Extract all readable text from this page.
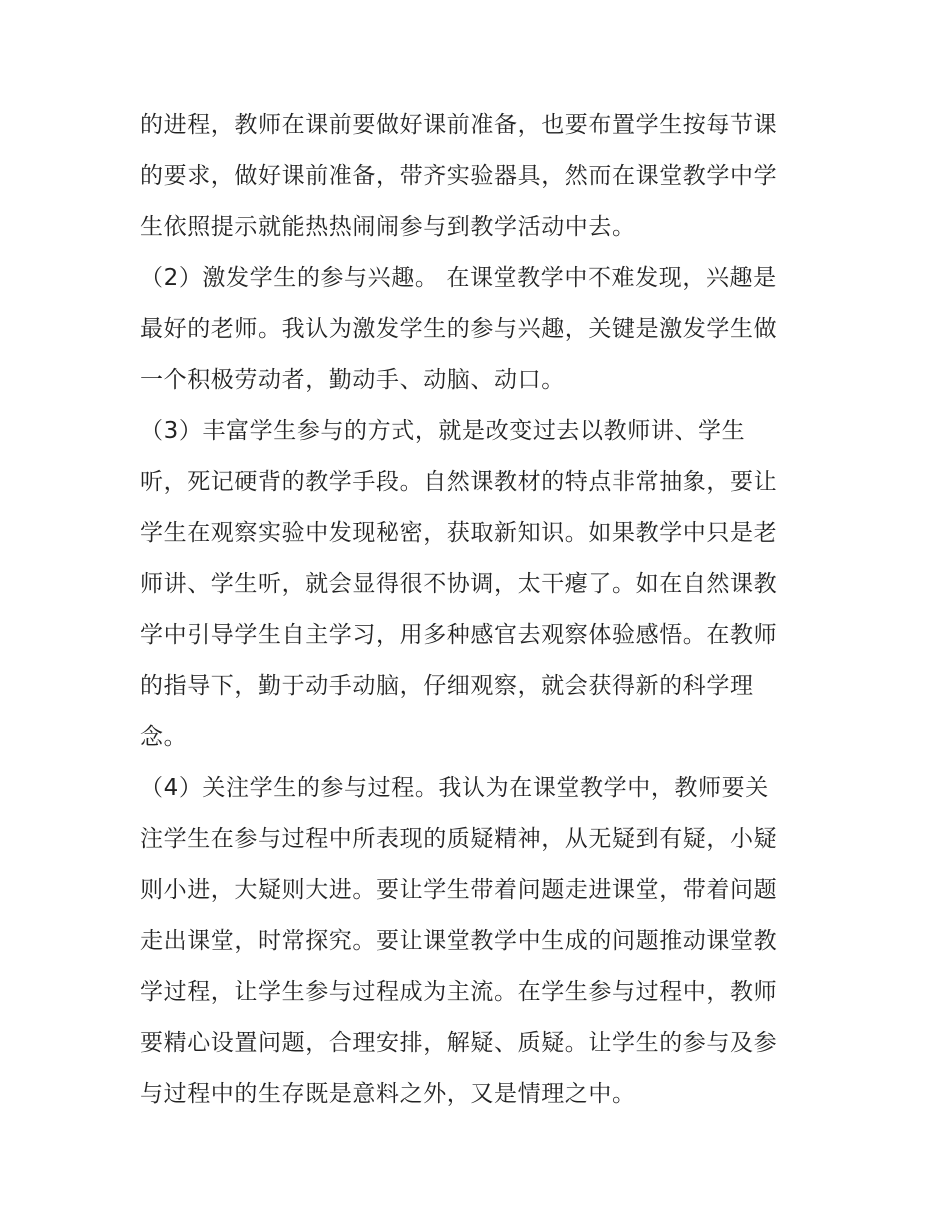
的进程，教师在课前要做好课前准备，也要布置学生按每节课
的要求，做好课前准备，带齐实验器具，然而在课堂教学中学
生依照提示就能热热闹闹参与到教学活动中去。
（2）激发学生的参与兴趣。 在课堂教学中不难发现，兴趣是
最好的老师。我认为激发学生的参与兴趣，关键是激发学生做
一个积极劳动者，勤动手、动脑、动口。
（3）丰富学生参与的方式，就是改变过去以教师讲、学生
听，死记硬背的教学手段。自然课教材的特点非常抽象，要让
学生在观察实验中发现秘密，获取新知识。如果教学中只是老
师讲、学生听，就会显得很不协调，太干瘪了。如在自然课教
学中引导学生自主学习，用多种感官去观察体验感悟。在教师
的指导下，勤于动手动脑，仔细观察，就会获得新的科学理
念。
（4）关注学生的参与过程。我认为在课堂教学中，教师要关
注学生在参与过程中所表现的质疑精神，从无疑到有疑，小疑
则小进，大疑则大进。要让学生带着问题走进课堂，带着问题
走出课堂，时常探究。要让课堂教学中生成的问题推动课堂教
学过程，让学生参与过程成为主流。在学生参与过程中，教师
要精心设置问题，合理安排，解疑、质疑。让学生的参与及参
与过程中的生存既是意料之外，又是情理之中。
